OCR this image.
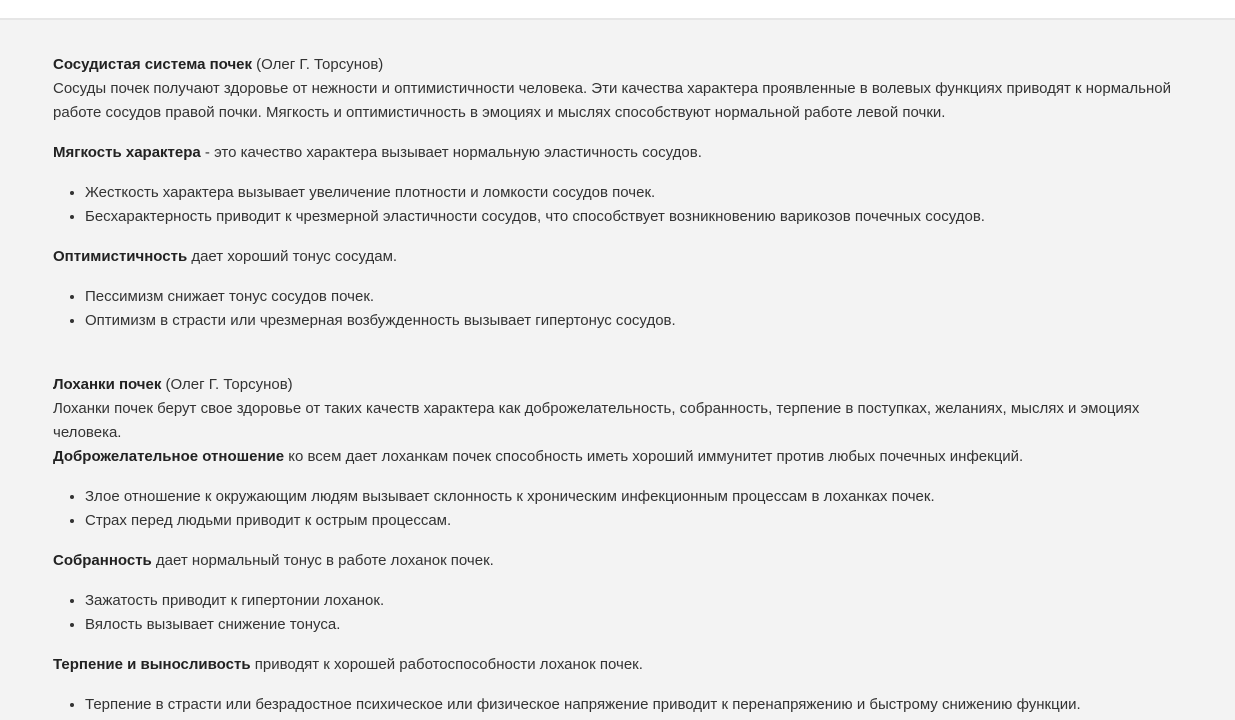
Сосудистая система почек (Олег Г. Торсунов)

Сосуды почек получают здоровье от нежности и оптимистичности человека. Эти качества характера проявленные в волевых функциях приводят к нормальной работе сосудов правой почки. Мягкость и оптимистичность в эмоциях и мыслях способствуют нормальной работе левой почки.

Мягкость характера - это качество характера вызывает нормальную эластичность сосудов.

• Жесткость характера вызывает увеличение плотности и ломкости сосудов почек.
• Бесхарактерность приводит к чрезмерной эластичности сосудов, что способствует возникновению варикозов почечных сосудов.

Оптимистичность дает хороший тонус сосудам.

• Пессимизм снижает тонус сосудов почек.
• Оптимизм в страсти или чрезмерная возбужденность вызывает гипертонус сосудов.

Лоханки почек (Олег Г. Торсунов)

Лоханки почек берут свое здоровье от таких качеств характера как доброжелательность, собранность, терпение в поступках, желаниях, мыслях и эмоциях человека.

Доброжелательное отношение ко всем дает лоханкам почек способность иметь хороший иммунитет против любых почечных инфекций.

• Злое отношение к окружающим людям вызывает склонность к хроническим инфекционным процессам в лоханках почек.
• Страх перед людьми приводит к острым процессам.

Собранность дает нормальный тонус в работе лоханок почек.

• Зажатость приводит к гипертонии лоханок.
• Вялость вызывает снижение тонуса.

Терпение и выносливость приводят к хорошей работоспособности лоханок почек.

• Терпение в страсти или безрадостное психическое или физическое напряжение приводит к перенапряжению и быстрому снижению функции.
